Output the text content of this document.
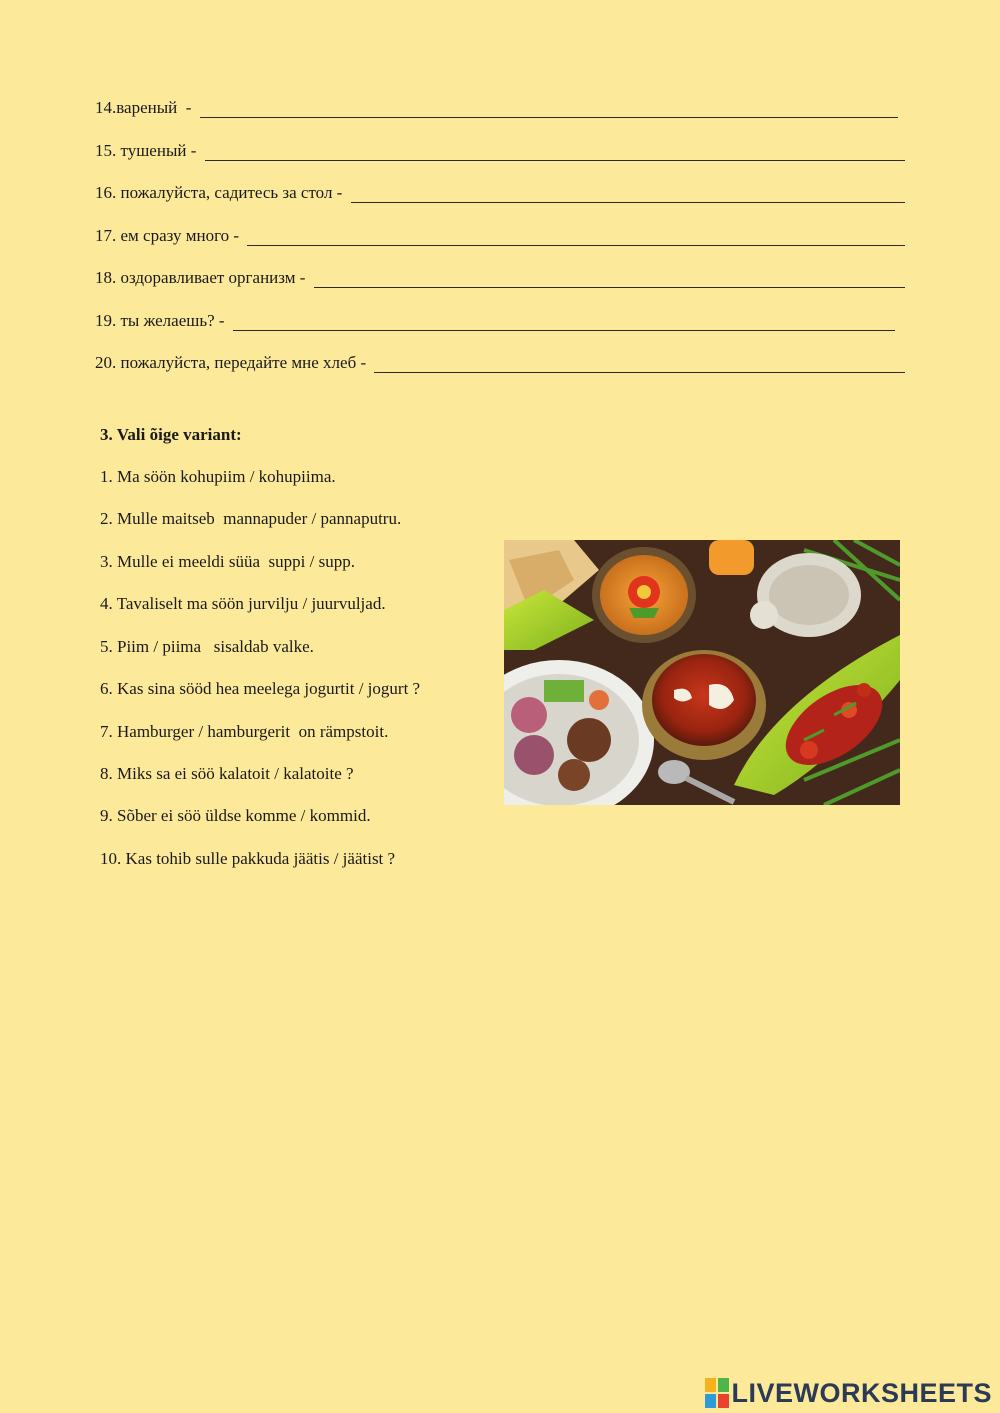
14.вареный  -
15. тушеный -
16. пожалуйста, садитесь за стол -
17. ем сразу много -
18. оздоравливает организм -
19. ты желаешь? -
20. пожалуйста, передайте мне хлеб -
3. Vali õige variant:
1. Ma söön kohupiim / kohupiima.
2. Mulle maitseb  mannapuder / pannaputru.
3. Mulle ei meeldi süüa  suppi / supp.
4. Tavaliselt ma söön jurvilju / juurvuljad.
5. Piim / piima   sisaldab valke.
6. Kas sina sööd hea meelega jogurtit / jogurt ?
7. Hamburger / hamburgerit  on rämpstoit.
8. Miks sa ei söö kalatoit / kalatoite ?
9. Sõber ei söö üldse komme / kommid.
10. Kas tohib sulle pakkuda jäätis / jäätist ?
LIVEWORKSHEETS
